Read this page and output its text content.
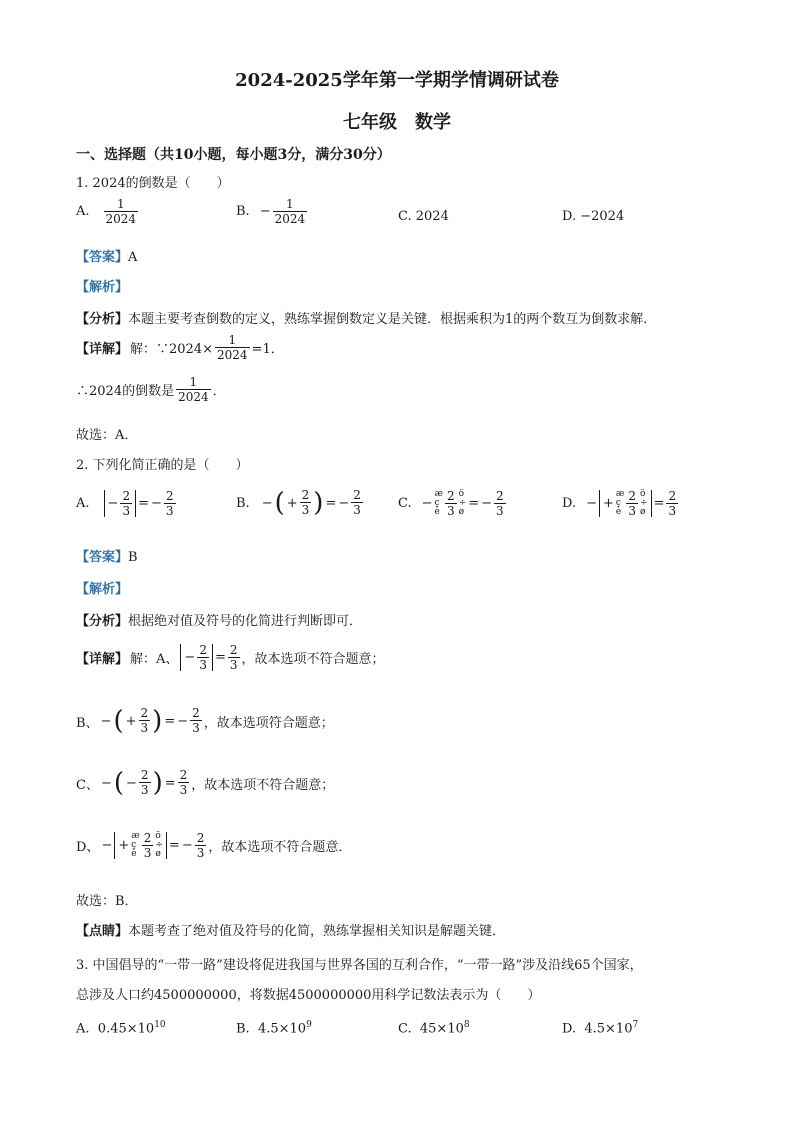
2024-2025学年第一学期学情调研试卷
七年级　数学
一、选择题（共10小题，每小题3分，满分30分）
1. 2024的倒数是（　　）
A. $\frac{1}{2024}$	B. − $\frac{1}{2024}$	C. 2024	D. −2024
【答案】A
【解析】
【分析】本题主要考查倒数的定义，熟练掌握倒数定义是关键．根据乘积为1的两个数互为倒数求解．
【详解】 解：∵2024× $\frac{1}{2024} =1$．
∴2024的倒数是 $\frac{1}{2024}$ ．
故选：A．
2. 下列化简正确的是（　　）
A. − $\frac{2}{3}$ = − $\frac{2}{3}$	B. − ( + $\frac{2}{3}$ ) = − $\frac{2}{3}$	C. −
æ
ç
è $\frac{2}{3}$ ö
÷
ø
= − $\frac{2}{3}$	D. − +
æ
ç
è $\frac{2}{3}$ ö
÷
ø
= $\frac{2}{3}$
【答案】B
【解析】
【分析】根据绝对值及符号的化简进行判断即可．
【详解】 解：A、 − $\frac{2}{3} = \frac{2}{3}$ ，故本选项不符合题意；
B、 − ( + $\frac{2}{3}$ ) = − $\frac{2}{3}$ ，故本选项符合题意；
C、 − ( − $\frac{2}{3}$ ) = $\frac{2}{3}$ ，故本选项不符合题意；
D、 − +
æ
ç
è $\frac{2}{3}$ ö
÷
ø
= − $\frac{2}{3}$ ，故本选项不符合题意．
故选：B．
【点睛】本题考查了绝对值及符号的化简，熟练掌握相关知识是解题关键．
3. 中国倡导的“一带一路”建设将促进我国与世界各国的互利合作，“一带一路”涉及沿线65个国家，
总涉及人口约4500000000，将数据4500000000用科学记数法表示为（　　）
A. $0.45\times 10^{10}$	B. $4.5\times 10^9$	C. $45\times 10^8$	D. $4.5\times 10^7$
